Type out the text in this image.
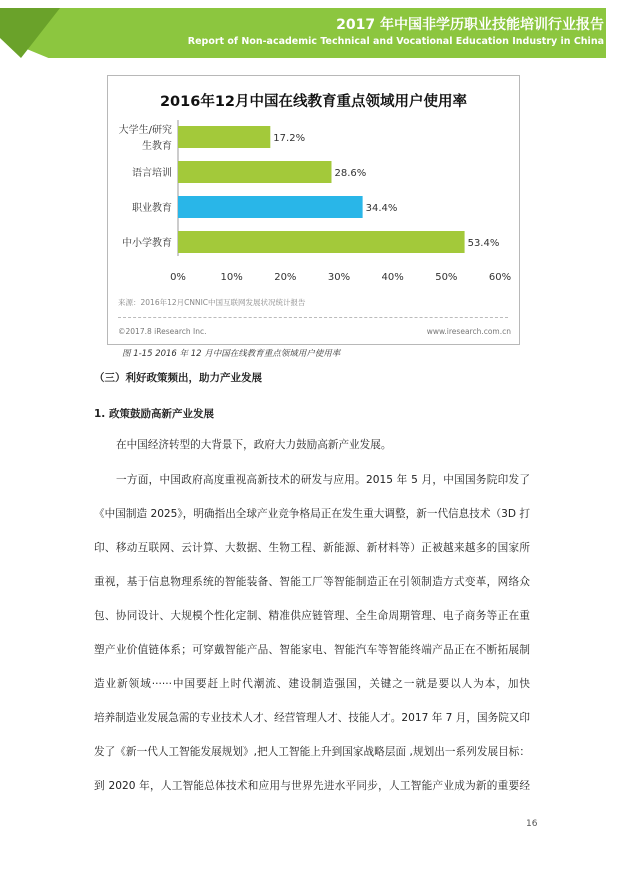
2017 年中国非学历职业技能培训行业报告
Report of Non-academic Technical and Vocational Education Industry in China
2016年12月中国在线教育重点领域用户使用率
17.2%
大学生/研究
生教育
28.6%
语言培训
34.4%
职业教育
53.4%
中小学教育
0%	10%	20%	30%	40%	50%	60%
来源：2016年12月CNNIC中国互联网发展状况统计报告
©2017.8 iResearch Inc.	www.iresearch.com.cn
图 1-15 2016 年 12 月中国在线教育重点领域用户使用率
（三）利好政策频出，助力产业发展
1. 政策鼓励高新产业发展
在中国经济转型的大背景下，政府大力鼓励高新产业发展。
一方面，中国政府高度重视高新技术的研发与应用。2015 年 5 月，中国国务院印发了
《中国制造 2025》，明确指出全球产业竞争格局正在发生重大调整，新一代信息技术（3D 打
印、移动互联网、云计算、大数据、生物工程、新能源、新材料等）正被越来越多的国家所
重视，基于信息物理系统的智能装备、智能工厂等智能制造正在引领制造方式变革，网络众
包、协同设计、大规模个性化定制、精准供应链管理、全生命周期管理、电子商务等正在重
塑产业价值链体系；可穿戴智能产品、智能家电、智能汽车等智能终端产品正在不断拓展制
造业新领域······中国要赶上时代潮流、建设制造强国，关键之一就是要以人为本，加快
培养制造业发展急需的专业技术人才、经营管理人才、技能人才。2017 年 7 月，国务院又印
发了《新一代人工智能发展规划》,把人工智能上升到国家战略层面 ,规划出一系列发展目标：
到 2020 年，人工智能总体技术和应用与世界先进水平同步，人工智能产业成为新的重要经
16
